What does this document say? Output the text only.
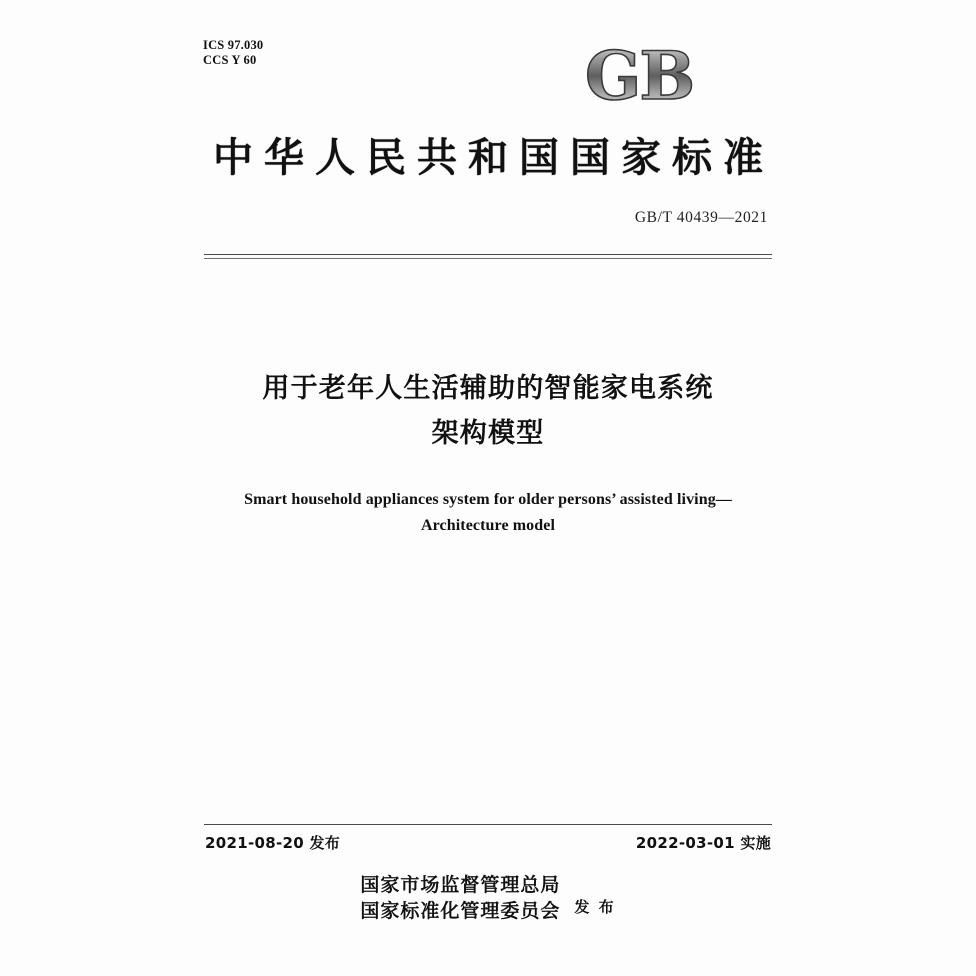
ICS 97.030
CCS Y 60	GB
中华人民共和国国家标准
GB/T 40439—2021
用于老年人生活辅助的智能家电系统
架构模型
Smart household appliances system for older persons’ assisted living—
Architecture model
2021-08-20 发布	2022-03-01 实施
国家市场监督管理总局
国家标准化管理委员会 发 布
